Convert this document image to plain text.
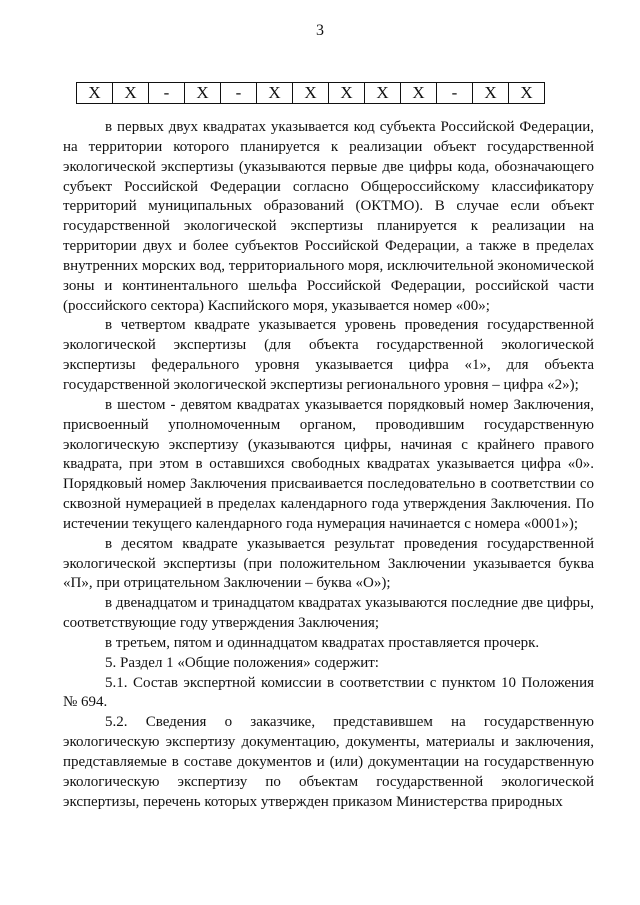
3
Х	Х	-	Х	-	Х	Х	Х	Х	Х	-	Х	Х

в первых двух квадратах указывается код субъекта Российской Федерации, на территории которого планируется к реализации объект государственной экологической экспертизы (указываются первые две цифры кода, обозначающего субъект Российской Федерации согласно Общероссийскому классификатору территорий муниципальных образований (ОКТМО). В случае если объект государственной экологической экспертизы планируется к реализации на территории двух и более субъектов Российской Федерации, а также в пределах внутренних морских вод, территориального моря, исключительной экономической зоны и континентального шельфа Российской Федерации, российской части (российского сектора) Каспийского моря, указывается номер «00»;

в четвертом квадрате указывается уровень проведения государственной экологической экспертизы (для объекта государственной экологической экспертизы федерального уровня указывается цифра «1», для объекта государственной экологической экспертизы регионального уровня – цифра «2»);

в шестом - девятом квадратах указывается порядковый номер Заключения, присвоенный уполномоченным органом, проводившим государственную экологическую экспертизу (указываются цифры, начиная с крайнего правого квадрата, при этом в оставшихся свободных квадратах указывается цифра «0». Порядковый номер Заключения присваивается последовательно в соответствии со сквозной нумерацией в пределах календарного года утверждения Заключения. По истечении текущего календарного года нумерация начинается с номера «0001»);

в десятом квадрате указывается результат проведения государственной экологической экспертизы (при положительном Заключении указывается буква «П», при отрицательном Заключении – буква «О»);

в двенадцатом и тринадцатом квадратах указываются последние две цифры, соответствующие году утверждения Заключения;

в третьем, пятом и одиннадцатом квадратах проставляется прочерк.

5. Раздел 1 «Общие положения» содержит:

5.1. Состав экспертной комиссии в соответствии с пунктом 10 Положения № 694.

5.2. Сведения о заказчике, представившем на государственную экологическую экспертизу документацию, документы, материалы и заключения, представляемые в составе документов и (или) документации на государственную экологическую экспертизу по объектам государственной экологической экспертизы, перечень которых утвержден приказом Министерства природных
